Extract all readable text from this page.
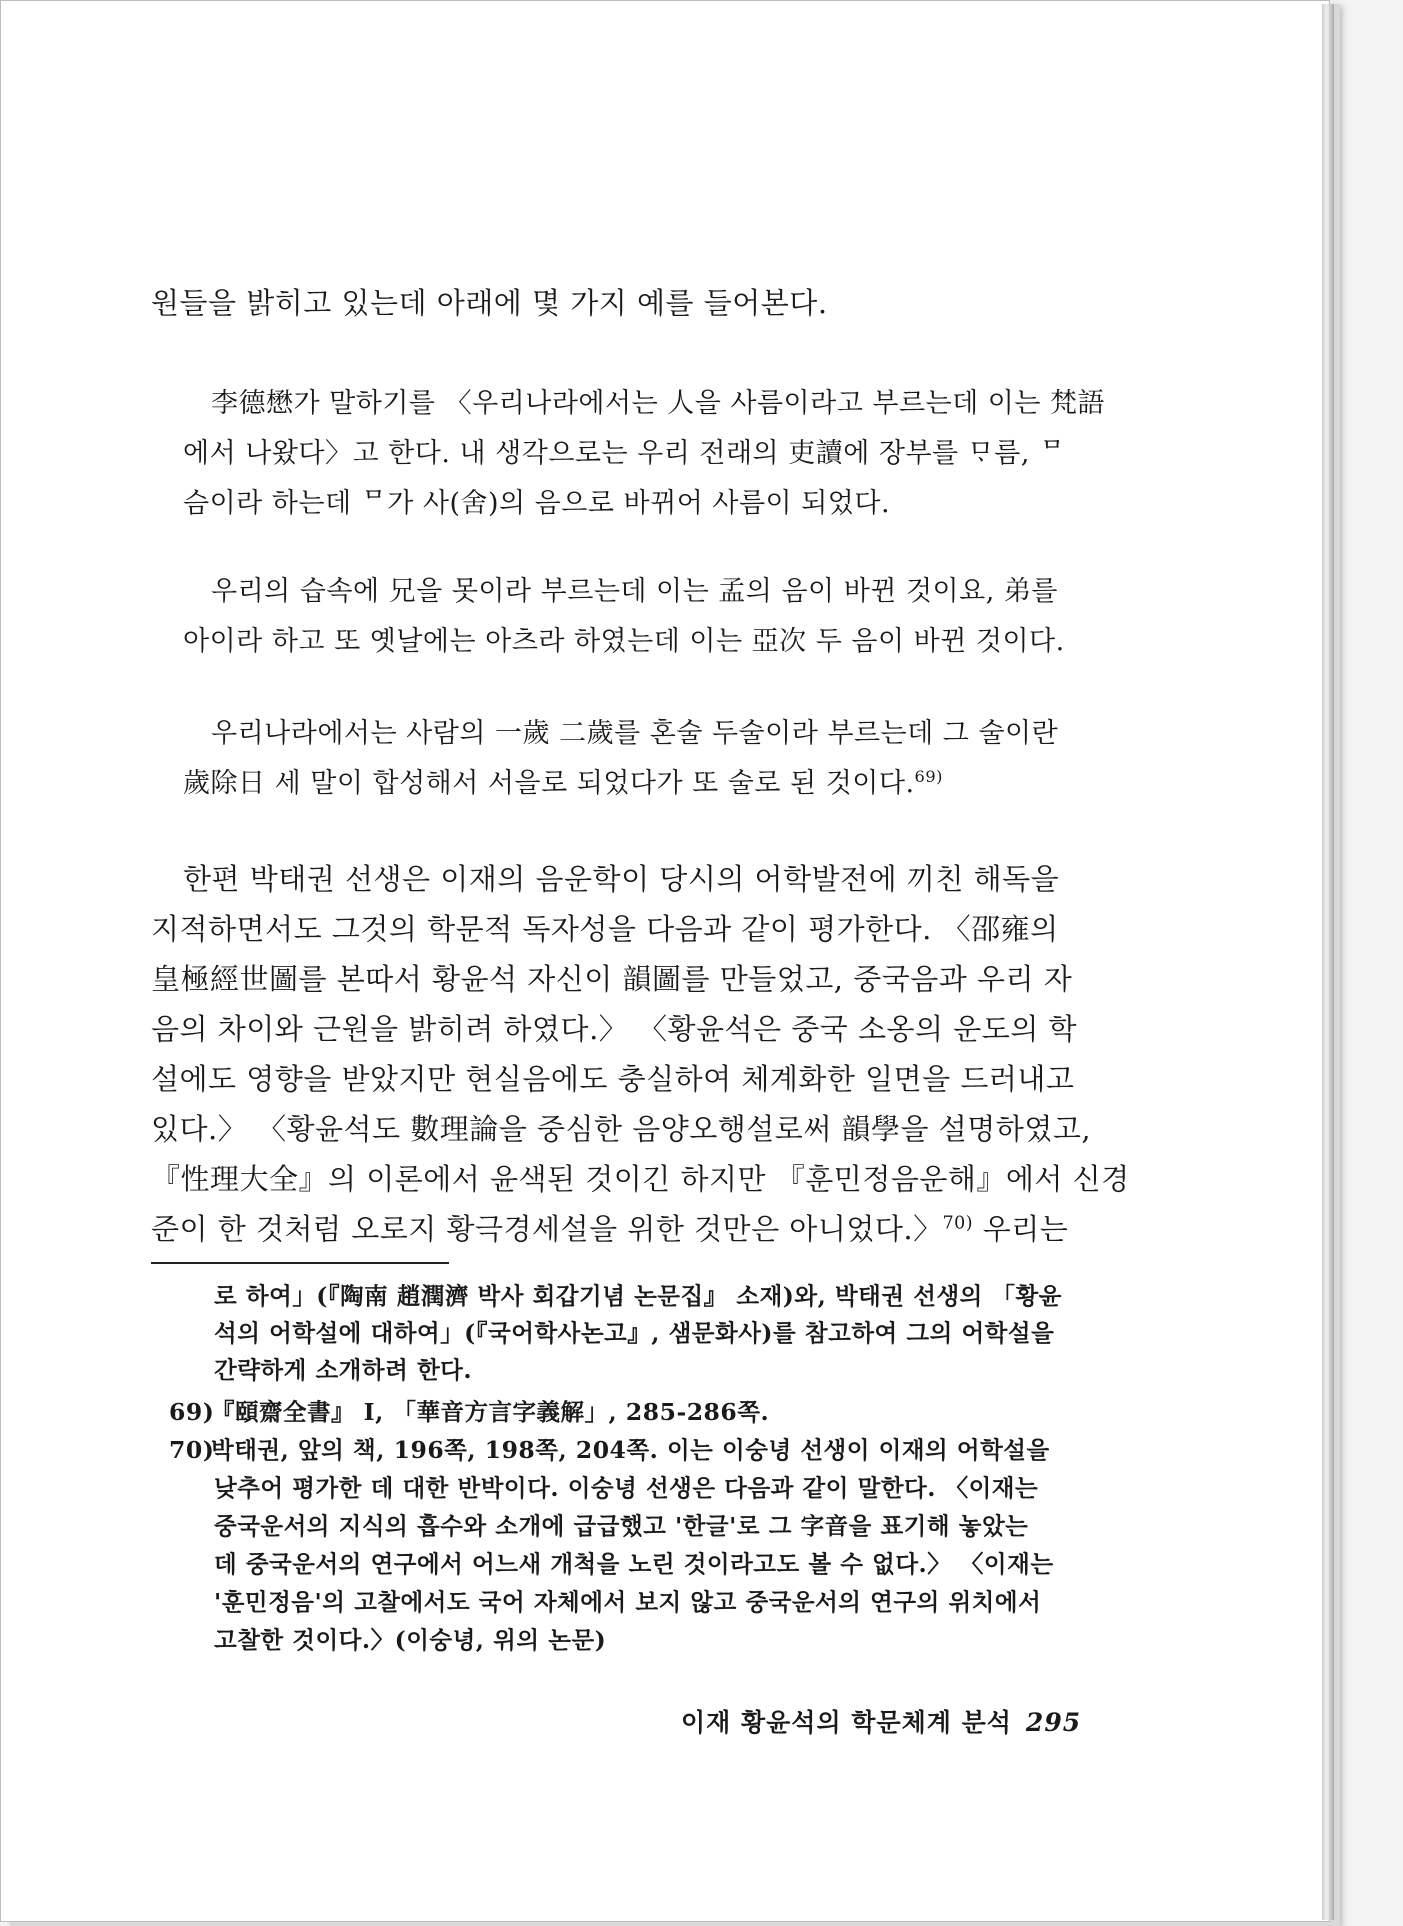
원들을 밝히고 있는데 아래에 몇 가지 예를 들어본다.
李德懋가 말하기를 〈우리나라에서는 人을 사름이라고 부르는데 이는 梵語
에서 나왔다〉고 한다. 내 생각으로는 우리 전래의 吏讀에 장부를 ᄆᆞ름, ᄆ
슴이라 하는데 ᄆ가 사(舍)의 음으로 바뀌어 사름이 되었다.
우리의 습속에 兄을 못이라 부르는데 이는 孟의 음이 바뀐 것이요, 弟를
아이라 하고 또 옛날에는 아츠라 하였는데 이는 亞次 두 음이 바뀐 것이다.
우리나라에서는 사람의 一歲 二歲를 혼술 두술이라 부르는데 그 술이란
歲除日 세 말이 합성해서 서을로 되었다가 또 술로 된 것이다.$^{69)}$
한편 박태권 선생은 이재의 음운학이 당시의 어학발전에 끼친 해독을
지적하면서도 그것의 학문적 독자성을 다음과 같이 평가한다. 〈邵雍의
皇極經世圖를 본따서 황윤석 자신이 韻圖를 만들었고, 중국음과 우리 자
음의 차이와 근원을 밝히려 하였다.〉 〈황윤석은 중국 소옹의 운도의 학
설에도 영향을 받았지만 현실음에도 충실하여 체계화한 일면을 드러내고
있다.〉 〈황윤석도 數理論을 중심한 음양오행설로써 韻學을 설명하였고,
『性理大全』의 이론에서 윤색된 것이긴 하지만 『훈민정음운해』에서 신경
준이 한 것처럼 오로지 황극경세설을 위한 것만은 아니었다.〉$^{70)}$ 우리는
로 하여」(『陶南 趙潤濟 박사 회갑기념 논문집』 소재)와, 박태권 선생의 「황윤
석의 어학설에 대하여」(『국어학사논고』, 샘문화사)를 참고하여 그의 어학설을
간략하게 소개하려 한다.
69)『頤齋全書』 I, 「華音方言字義解」, 285-286쪽.
70)박태권, 앞의 책, 196쪽, 198쪽, 204쪽. 이는 이숭녕 선생이 이재의 어학설을
낮추어 평가한 데 대한 반박이다. 이숭녕 선생은 다음과 같이 말한다. 〈이재는
중국운서의 지식의 흡수와 소개에 급급했고 '한글'로 그 字音을 표기해 놓았는
데 중국운서의 연구에서 어느새 개척을 노린 것이라고도 볼 수 없다.〉 〈이재는
'훈민정음'의 고찰에서도 국어 자체에서 보지 않고 중국운서의 연구의 위치에서
고찰한 것이다.〉(이숭녕, 위의 논문)
이재 황윤석의 학문체계 분석 295
